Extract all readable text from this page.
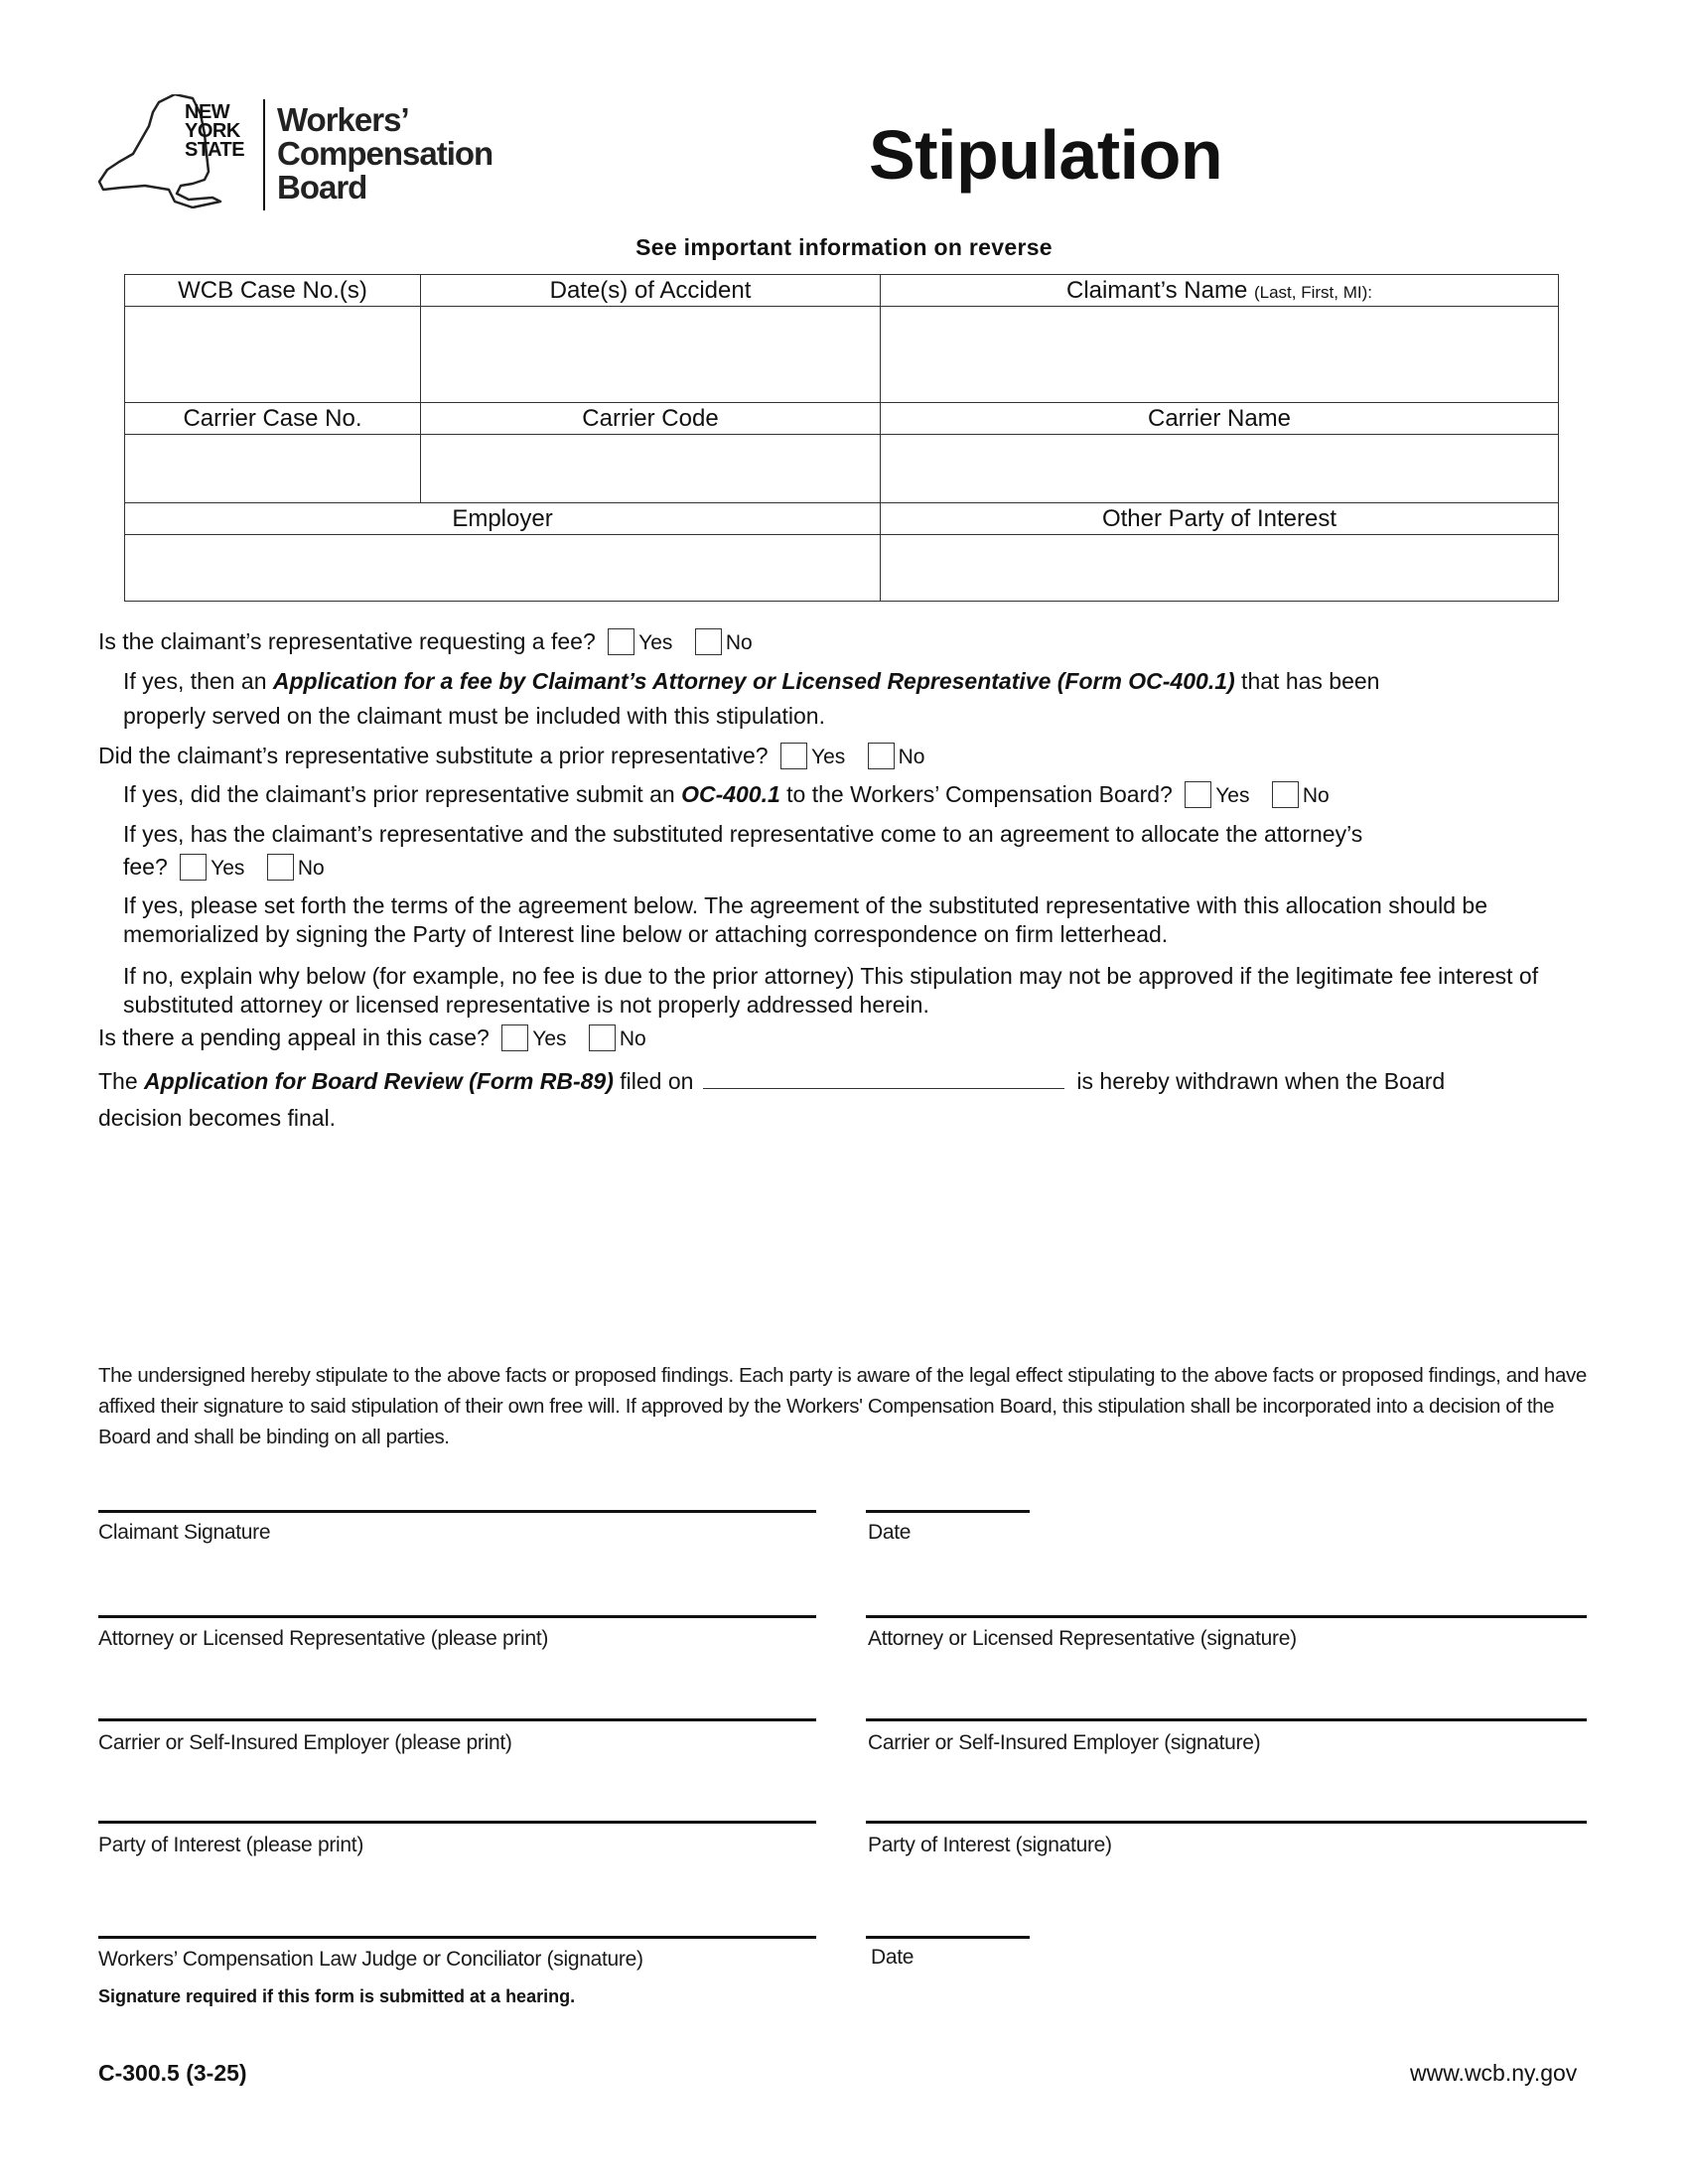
NEW
YORK
STATE
Workers’
Compensation
Board	Stipulation
See important information on reverse
WCB Case No.(s)	Date(s) of Accident	Claimant’s Name (Last, First, MI):

Carrier Case No.	Carrier Code	Carrier Name

Employer		Other Party of Interest

Is the claimant’s representative requesting a fee? Yes	No
If yes, then an Application for a fee by Claimant’s Attorney or Licensed Representative (Form OC-400.1) that has been
properly served on the claimant must be included with this stipulation.
Did the claimant’s representative substitute a prior representative? Yes	No
If yes, did the claimant’s prior representative submit an OC-400.1 to the Workers’ Compensation Board? Yes	No
If yes, has the claimant’s representative and the substituted representative come to an agreement to allocate the attorney’s
fee? Yes	No
If yes, please set forth the terms of the agreement below. The agreement of the substituted representative with this allocation should be memorialized by signing the Party of Interest line below or attaching correspondence on firm letterhead.
If no, explain why below (for example, no fee is due to the prior attorney) This stipulation may not be approved if the legitimate fee interest of substituted attorney or licensed representative is not properly addressed herein.
Is there a pending appeal in this case? Yes	No
The Application for Board Review (Form RB-89) filed on	is hereby withdrawn when the Board
decision becomes final.
The undersigned hereby stipulate to the above facts or proposed findings. Each party is aware of the legal effect stipulating to the above facts or proposed findings, and have affixed their signature to said stipulation of their own free will. If approved by the Workers' Compensation Board, this stipulation shall be incorporated into a decision of the Board and shall be binding on all parties.
Claimant Signature	Date
Attorney or Licensed Representative (please print)	Attorney or Licensed Representative (signature)
Carrier or Self-Insured Employer (please print)	Carrier or Self-Insured Employer (signature)
Party of Interest (please print)	Party of Interest (signature)
Workers’ Compensation Law Judge or Conciliator (signature)	Date
Signature required if this form is submitted at a hearing.
C-300.5 (3-25)	www.wcb.ny.gov
